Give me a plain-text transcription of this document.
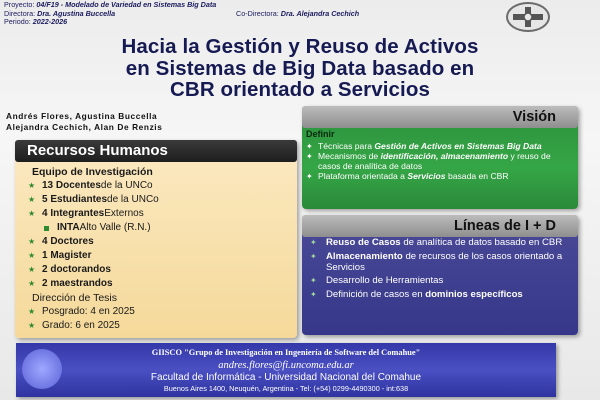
Proyecto: 04/F19 - Modelado de Variedad en Sistemas Big Data
Directora: Dra. Agustina Buccella	Co-Directora: Dra. Alejandra Cechich
Periodo: 2022-2026
Hacia la Gestión y Reuso de Activos
en Sistemas de Big Data basado en
CBR orientado a Servicios
Andrés Flores, Agustina Buccella
Alejandra Cechich, Alan De Renzis
Recursos Humanos
Equipo de Investigación
★ 13 Docentes de la UNCo
★ 5 Estudiantes de la UNCo
★ 4 Integrantes Externos
INTA Alto Valle (R.N.)
★ 4 Doctores
★ 1 Magister
★ 2 doctorandos
★ 2 maestrandos
Dirección de Tesis
★ Posgrado: 4 en 2025
★ Grado: 6 en 2025
Visión
Definir
✦ Técnicas para Gestión de Activos en Sistemas Big Data
✦ Mecanismos de identificación, almacenamiento y reuso de casos de analítica de datos
✦ Plataforma orientada a Servicios basada en CBR
Líneas de I + D
✦ Reuso de Casos de analítica de datos basado en CBR
✦ Almacenamiento de recursos de los casos orientado a Servicios
✦ Desarrollo de Herramientas
✦ Definición de casos en dominios específicos
GIISCO "Grupo de Investigación en Ingeniería de Software del Comahue"
andres.flores@fi.uncoma.edu.ar
Facultad de Informática - Universidad Nacional del Comahue
Buenos Aires 1400, Neuquén, Argentina - Tel: (+54) 0299-4490300 - int:638
